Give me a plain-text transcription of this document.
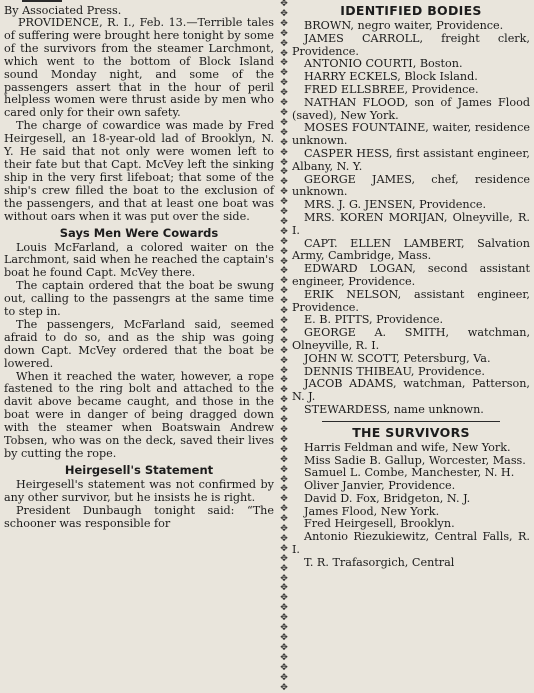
By Associated Press.

PROVIDENCE, R. I., Feb. 13.—Terrible tales of suffering were brought here tonight by some of the survivors from the steamer Larchmont, which went to the bottom of Block Island sound Monday night, and some of the passengers assert that in the hour of peril helpless women were thrust aside by men who cared only for their own safety.

The charge of cowardice was made by Fred Heirgesell, an 18-year-old lad of Brooklyn, N. Y. He said that not only were women left to their fate but that Capt. McVey left the sinking ship in the very first lifeboat; that some of the ship's crew filled the boat to the exclusion of the passengers, and that at least one boat was without oars when it was put over the side.

Says Men Were Cowards

Louis McFarland, a colored waiter on the Larchmont, said when he reached the captain's boat he found Capt. McVey there.

The captain ordered that the boat be swung out, calling to the passengrs at the same time to step in.

The passengers, McFarland said, seemed afraid to do so, and as the ship was going down Capt. McVey ordered that the boat be lowered.

When it reached the water, however, a rope fastened to the ring bolt and attached to the davit above became caught, and those in the boat were in danger of being dragged down with the steamer when Boatswain Andrew Tobsen, who was on the deck, saved their lives by cutting the rope.

Heirgesell's Statement

Heirgesell's statement was not confirmed by any other survivor, but he insists he is right.

President Dunbaugh tonight said: “The schooner was responsible for

✥
✥
✥
✥
✥
✥
✥
✥
✥
✥
✥
✥
✥
✥
✥
✥
✥
✥
✥
✥
✥
✥
✥
✥
✥
✥
✥
✥
✥
✥
✥
✥
✥
✥
✥
✥
✥
✥
✥
✥
✥
✥
✥
✥
✥
✥
✥
✥
✥
✥
✥
✥
✥
✥
✥
✥
✥
✥
✥
✥
✥
✥
✥
✥
✥
✥
✥
✥
✥
✥
IDENTIFIED BODIES

BROWN, negro waiter, Providence.

JAMES CARROLL, freight clerk, Providence.

ANTONIO COURTI, Boston.

HARRY ECKELS, Block Island.

FRED ELLSBREE, Providence.

NATHAN FLOOD, son of James Flood (saved), New York.

MOSES FOUNTAINE, waiter, residence unknown.

CASPER HESS, first assistant engineer, Albany, N. Y.

GEORGE JAMES, chef, residence unknown.

MRS. J. G. JENSEN, Providence.

MRS. KOREN MORIJAN, Olneyville, R. I.

CAPT. ELLEN LAMBERT, Salvation Army, Cambridge, Mass.

EDWARD LOGAN, second assistant engineer, Providence.

ERIK NELSON, assistant engineer, Providence.

E. B. PITTS, Providence.

GEORGE A. SMITH, watchman, Olneyville, R. I.

JOHN W. SCOTT, Petersburg, Va.

DENNIS THIBEAU, Providence.

JACOB ADAMS, watchman, Patterson, N. J.

STEWARDESS, name unknown.

THE SURVIVORS

Harris Feldman and wife, New York.

Miss Sadie B. Gallup, Worcester, Mass.

Samuel L. Combe, Manchester, N. H.

Oliver Janvier, Providence.

David D. Fox, Bridgeton, N. J.

James Flood, New York.

Fred Heirgesell, Brooklyn.

Antonio Riezukiewitz, Central Falls, R. I.

T. R. Trafasorgich, Central
